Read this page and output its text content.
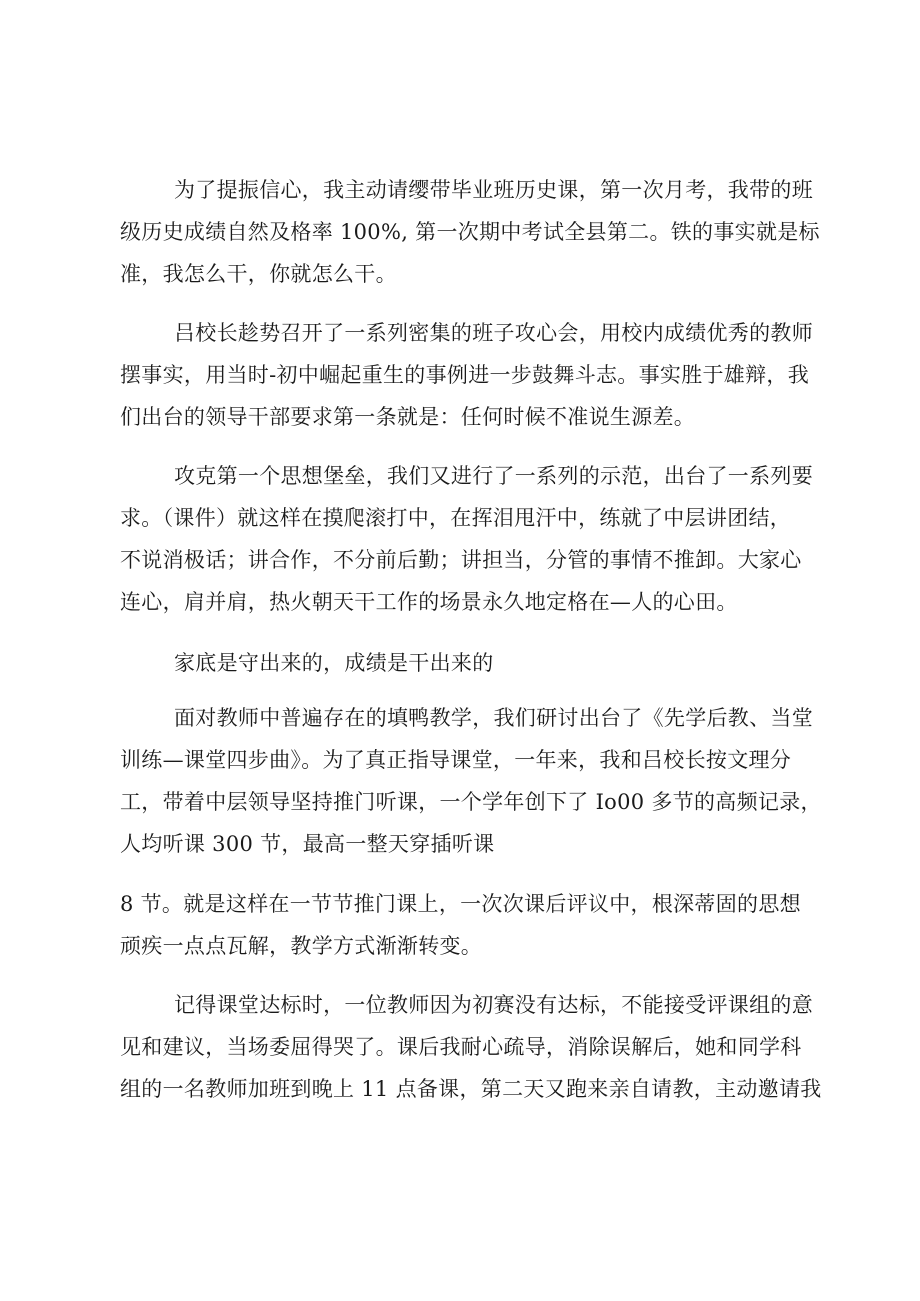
为了提振信心，我主动请缨带毕业班历史课，第一次月考，我带的班
级历史成绩自然及格率 100%, 第一次期中考试全县第二。铁的事实就是标
准，我怎么干，你就怎么干。
吕校长趁势召开了一系列密集的班子攻心会，用校内成绩优秀的教师
摆事实，用当时-初中崛起重生的事例进一步鼓舞斗志。事实胜于雄辩，我
们出台的领导干部要求第一条就是：任何时候不准说生源差。
攻克第一个思想堡垒，我们又进行了一系列的示范，出台了一系列要
求。（课件）就这样在摸爬滚打中，在挥泪甩汗中，练就了中层讲团结，
不说消极话；讲合作，不分前后勤；讲担当，分管的事情不推卸。大家心
连心，肩并肩，热火朝天干工作的场景永久地定格在—人的心田。
家底是守出来的，成绩是干出来的
面对教师中普遍存在的填鸭教学，我们研讨出台了《先学后教、当堂
训练—课堂四步曲》。为了真正指导课堂，一年来，我和吕校长按文理分
工，带着中层领导坚持推门听课，一个学年创下了 Io00 多节的高频记录，
人均听课 300 节，最高一整天穿插听课
8 节。就是这样在一节节推门课上，一次次课后评议中，根深蒂固的思想
顽疾一点点瓦解，教学方式渐渐转变。
记得课堂达标时，一位教师因为初赛没有达标，不能接受评课组的意
见和建议，当场委屈得哭了。课后我耐心疏导，消除误解后，她和同学科
组的一名教师加班到晚上 11 点备课，第二天又跑来亲自请教，主动邀请我
